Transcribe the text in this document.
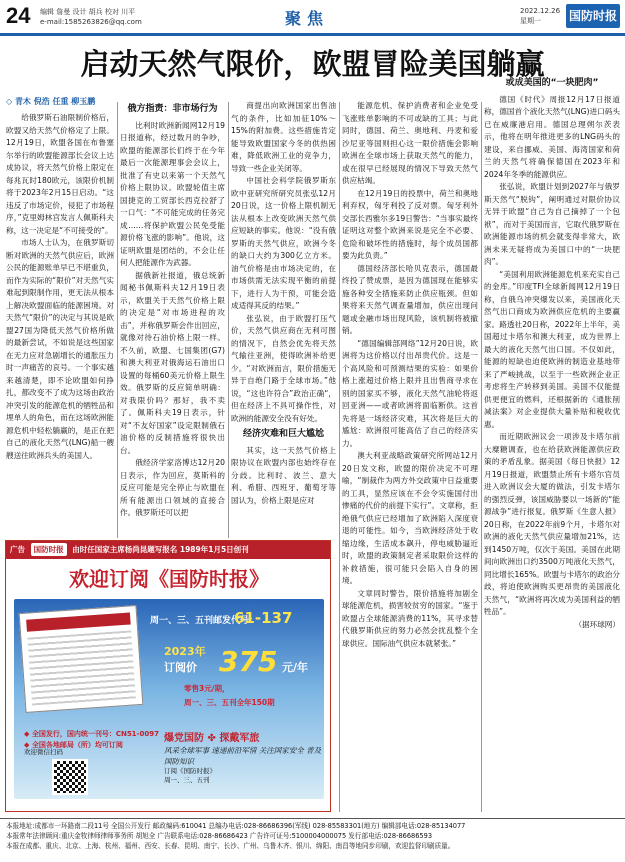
24 编辑 詹曼 设计 胡兵 校对 川平
e-mail:1585263826@qq.com	聚焦	2022.12.26
星期一	国防时报
启动天然气限价，欧盟冒险美国躺赢
◇ 青木 倪浩 任重 柳玉鹏

给俄罗斯石油限制价格后，欧盟又给天然气价格定了上限。12月19日，欧盟各国在布鲁塞尔举行的欧盟能源部长会议上达成协议，将天然气价格上限定在每兆瓦时180欧元，该限价机制将于2023年2月15日启动。“这违反了市场定价，侵犯了市场程序，”克里姆林宫发言人佩斯科夫称，这一决定是“不可接受的”。

市场人士认为，在俄罗斯切断对欧洲的天然气供应后，欧洲公民的能源账单早已不堪重负，而作为实际的“限价”对天然气实难起到限制作用，更无法从根本上解决欧盟面临的能源困境。对天然气“限价”的决定与其说是欧盟27国为降低天然气价格所做的最新尝试，不如说是这些国家在无力应对急剧增长的通胀压力时一声痛苦的哀号。一个事实越来越清楚，即不论欧盟如何挣扎，都改变不了成为这场由政治冲突引发的能源危机的牺牲品和埋单人的角色，而在这场欧洲能源危机中轻松躺赢的，是正在把自己的液化天然气(LNG)船一艘艘送往欧洲兵头的美国人。

俄方指责：非市场行为

比利时欧洲新闻网12月19日报道称，经过数月的争吵，欧盟的能源部长们终于在今年最后一次能源理事会会议上，批准了有史以来第一个天然气价格上限协议。欧盟轮值主席国捷克的工贸部长西克拉舒了一口气：“不可能完成的任务完成……将保护欧盟公民免受能源价格飞涨的影响”。他说，这证明欧盟是团结的，不会让任何人把能源作为武器。

据俄新社报道，俄总统新闻秘书佩斯科夫12月19日表示，欧盟关于天然气价格上限的决定是“对市场进程的攻击”，并称俄罗斯会作出回应，就像对待石油价格上限一样。不久前，欧盟、七国集团(G7)和澳大利亚对俄海运石油出口设置的每桶60美元价格上限生效。俄罗斯的反应简单明确：对我限价吗？那好，我不卖了。佩斯科夫19日表示，针对“不友好国家”设定限制俄石油价格的反制措施将很快出台。

俄经济学家洛博达12月20日表示，作为回应，莫斯科的反应可能是完全停止与欧盟在所有能源出口领域的直接合作。俄罗斯还可以把

商提出向欧洲国家出售油气的条件，比如加征10%～15%的附加费。这些措施肯定能导致欧盟国家今冬的供热困难，降低欧洲工业的竞争力，导致一些企业关闭等。

中国社会科学院俄罗斯东欧中亚研究所研究员张弘12月20日说，这一价格上限机制无法从根本上改变欧洲天然气供应短缺的事实。他说：“没有俄罗斯的天然气供应，欧洲今冬的缺口大约为300亿立方米。油气价格是由市场决定的，在市场供需无法实现平衡的前提下，进行人为干预，可能会造成适得其反的结果。”

张弘说，由于欧盟打压气价，天然气供应商在无利可图的情况下，自然会优先将天然气输往亚洲，使得欧洲补给更少。“对欧洲而言，限价措施无异于自绝门路于全球市场。”他说，“这也许符合”政治正确“，但在经济上不具可操作性，对欧洲的能源安全没有好处。

经济灾难和巨大尴尬

其实，这一天然气价格上限协议在欧盟内部也始终存在分歧。比利时、波兰、意大利、希腊、西班牙、葡萄牙等国认为，价格上限是应对

能源危机、保护消费者和企业免受飞涨账单影响的不可或缺的工具；与此同时，德国、荷兰、奥地利、丹麦和爱沙尼亚等国则担心这一限价措施会影响欧洲在全球市场上获取天然气的能力，或在很早已经展现的情况下导致天然气供应枯竭。

在12月19日的投票中，荷兰和奥地利弃权，匈牙利投了反对票。匈牙利外交部长西雅尔多19日警告：“当事实最终证明这对整个欧洲来说是完全不必要、危险和破坏性的措施时，每个成员国都要为此负责。”

德国经济部长哈贝克表示，德国最终投了赞成票，是因为德国现在能够实施各种安全措施来防止供应瓶颈。但如果将来天然气调查量增加，供应出现问题或金融市场出现风险，该机制将被撤销。

“德国编辑部网络”12月20日说，欧洲将为这价格以付出昂贵代价。这是一个高风险和可预测结果的实验：如果价格上涨超过价格上限并且出售商寻求在别的国家买不够，液化天然气油轮将返回亚洲——或者欧洲将面临断供。这首先将是一场经济灾难，其次将是巨大的尴尬：欧洲很可能高估了自己的经济实力。

澳大利亚战略政策研究所网站12月20日发文称，欧盟的限价决定不可理喻，“制裁作为两方外交政策中日益重要的工具，显然应该在不会令实施国付出惨痛的代价的前提下实行”。文章称，拒绝俄气供应已经增加了欧洲陷入深度衰退的可能性。如今，当欧洲经济处于收缩边缘，生活成本飙升，停电威胁逼近时，欧盟的政策制定者采取限价这样的补救措施，很可能只会陷入自身的困境。

文章同时警告，限价措施将加剧全球能源危机，损害较贫穷的国家。“鉴于欧盟占全球能源消费的11%，其寻求替代俄罗斯供应的努力必然会扰乱整个全球供应。国际油气供应本就紧张。”

或成美国的“一块肥肉”

德国《时代》周报12月17日报道称，德国首个液化天然气(LNG)进口码头已在威廉港启用。德国总理朔尔茨表示，他将在明年推进更多的LNG码头的建设，来自挪威、美国、海湾国家和荷兰的天然气将确保德国在2023年和2024年冬季的能源供应。

张弘说，欧盟计划到2027年与俄罗斯天然气“脱钩”，阐明通过对限价协议无异于欧盟“自己为自己摘掉了一个包袱”，而对于美国而言，它取代俄罗斯在欧洲能源市场的机会就变得非常大，欧洲未来无疑将成为美国口中的“一块肥肉”。

“美国利用欧洲能源危机来充实自己的金库。”印度TFI全球新闻网12月19日称，自俄乌冲突爆发以来，美国液化天然气出口商成为欧洲供应危机的主要赢家。路透社20日称，2022年上半年，美国超过卡塔尔和澳大利亚，成为世界上最大的液化天然气出口国。不仅如此，能源的短缺也迫使欧洲的制造业基地带来了严峻挑战，以至于一些欧洲企业正考虑将生产转移到美国。美国不仅能提供更便宜的燃料，还根据新的《通胀削减法案》对企业提供大量补贴和税收优惠。

而近期欧洲议会一项涉及卡塔尔前大糜糖调查，也在给获欧洲能源供应政策的矛盾乱象。据美国《每日快报》12月19日报道，欧盟禁止所有卡塔尔官员进入欧洲议会大厦的做法，引发卡塔尔的强烈反弹，该国威胁要以一场新的“能源战争”进行报复。俄罗斯《生意人报》20日称，在2022年前9个月，卡塔尔对欧洲的液化天然气供应量增加21%，达到1450万吨，仅次于美国。美国在此期间向欧洲出口约3500万吨液化天然气，同比增长165%。欧盟与卡塔尔的政治分歧，将迫使欧洲购买更昂贵的美国液化天然气，“欧洲将再次成为美国利益的牺牲品”。

（据环球网）
广告 国防时报 由时任国家主席杨尚昆题写报名 1989年1月5日创刊
欢迎订阅《国防时报》
周一、三、五刊邮发代号：
61-137
2023年
订阅价 375 元/年
零售3元/期，
周一、三、五刊全年150期
◆ 全国发行，国内统一刊号：CN51-0097
◆ 全国各地邮局（所）均可订阅
爆党国防 ✤ 探戴军旅
风采全球军事 速递前沿军情 关注国家安全 普及国防知识
欢迎微信扫码
订阅《国防时报》
周一、三、五刊
本报地址:成都市一环路南二段11号 全国公开发行 邮政编码:610041 总编办电话:028-86686396(军线) 028-85583301(地方) 编辑部电话:028-85134077
本报常年法律顾问:重庆金牧律师律师事务所 胡旭全 广告联系电话:028-86686423 广告许可证号:5100004000075 发行部电话:028-86686593
本报在成都、重庆、北京、上海、杭州、福州、西安、长春、昆明、南宁、长沙、广州、乌鲁木齐、银川、绵阳、南昌等地同步印刷，欢迎监督印刷质量。
